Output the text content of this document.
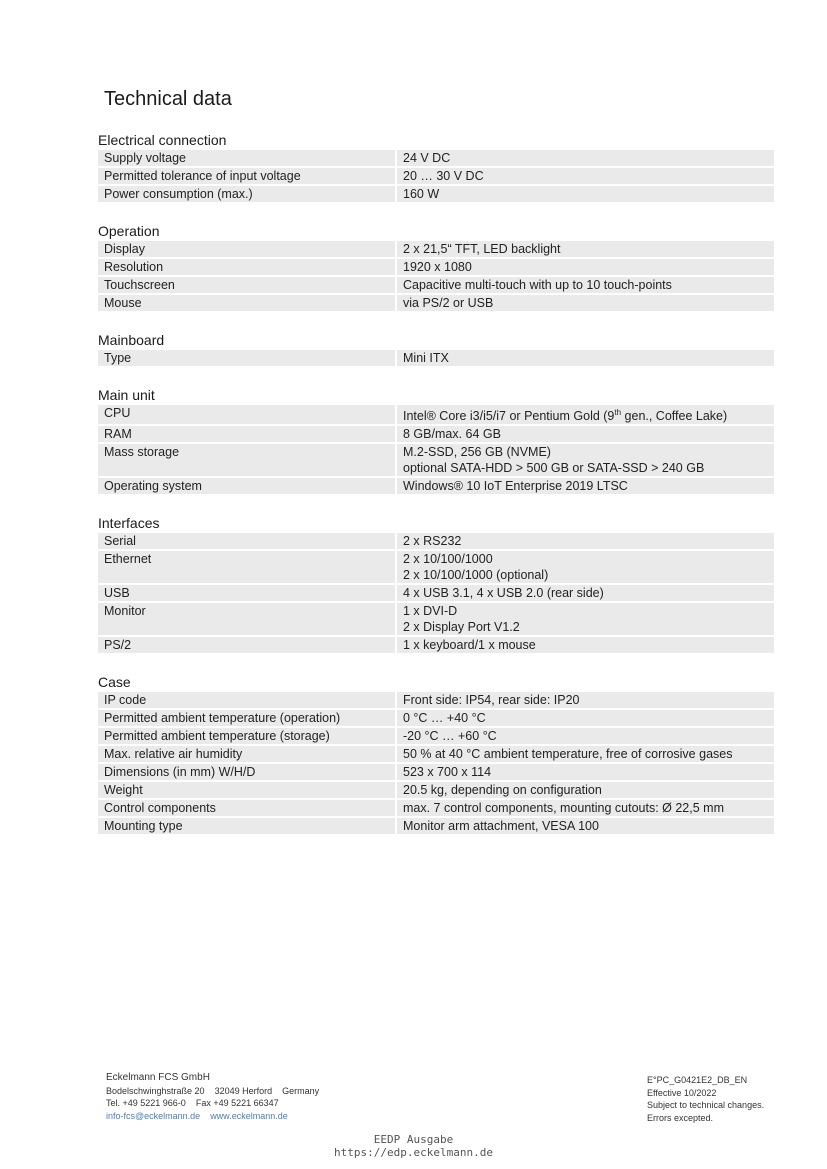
Technical data
Electrical connection
Supply voltage	24 V DC
Permitted tolerance of input voltage	20 … 30 V DC
Power consumption (max.)	160 W
Operation
Display	2 x 21,5“ TFT, LED backlight
Resolution	1920 x 1080
Touchscreen	Capacitive multi-touch with up to 10 touch-points
Mouse	via PS/2 or USB
Mainboard
Type	Mini ITX
Main unit
CPU	Intel® Core i3/i5/i7 or Pentium Gold (9th gen., Coffee Lake)
RAM	8 GB/max. 64 GB
Mass storage	M.2-SSD, 256 GB (NVME)
optional SATA-HDD > 500 GB or SATA-SSD > 240 GB
Operating system	Windows® 10 IoT Enterprise 2019 LTSC
Interfaces
Serial	2 x RS232
Ethernet	2 x 10/100/1000
2 x 10/100/1000 (optional)
USB	4 x USB 3.1, 4 x USB 2.0 (rear side)
Monitor	1 x DVI-D
2 x Display Port V1.2
PS/2	1 x keyboard/1 x mouse
Case
IP code	Front side: IP54, rear side: IP20
Permitted ambient temperature (operation)	0 °C … +40 °C
Permitted ambient temperature (storage)	-20 °C … +60 °C
Max. relative air humidity	50 % at 40 °C ambient temperature, free of corrosive gases
Dimensions (in mm) W/H/D	523 x 700 x 114
Weight	20.5 kg, depending on configuration
Control components	max. 7 control components, mounting cutouts: Ø 22,5 mm
Mounting type	Monitor arm attachment, VESA 100
Eckelmann FCS GmbH
Bodelschwinghstraße 20 32049 Herford Germany
Tel. +49 5221 966-0 Fax +49 5221 66347
info-fcs@eckelmann.de www.eckelmann.de
E°PC_G0421E2_DB_EN
Effective 10/2022
Subject to technical changes.
Errors excepted.
EEDP Ausgabe
https://edp.eckelmann.de
